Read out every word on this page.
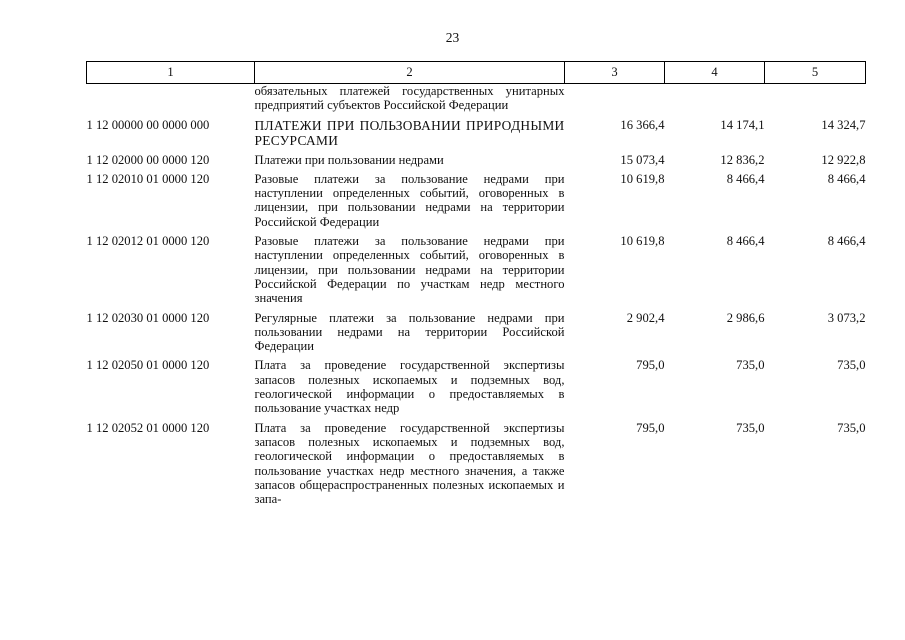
23
1	2	3	4	5
	обязательных платежей государственных унитарных предприятий субъектов Российской Федерации			
1 12 00000 00 0000 000	ПЛАТЕЖИ ПРИ ПОЛЬЗОВАНИИ ПРИРОДНЫМИ РЕСУРСАМИ	16 366,4	14 174,1	14 324,7
1 12 02000 00 0000 120	Платежи при пользовании недрами	15 073,4	12 836,2	12 922,8
1 12 02010 01 0000 120	Разовые платежи за пользование недрами при наступлении определенных событий, оговоренных в лицензии, при пользовании недрами на территории Российской Федерации	10 619,8	8 466,4	8 466,4
1 12 02012 01 0000 120	Разовые платежи за пользование недрами при наступлении определенных событий, оговоренных в лицензии, при пользовании недрами на территории Российской Федерации по участкам недр местного значения	10 619,8	8 466,4	8 466,4
1 12 02030 01 0000 120	Регулярные платежи за пользование недрами при пользовании недрами на территории Российской Федерации	2 902,4	2 986,6	3 073,2
1 12 02050 01 0000 120	Плата за проведение государственной экспертизы запасов полезных ископаемых и подземных вод, геологической информации о предоставляемых в пользование участках недр	795,0	735,0	735,0
1 12 02052 01 0000 120	Плата за проведение государственной экспертизы запасов полезных ископаемых и подземных вод, геологической информации о предоставляемых в пользование участках недр местного значения, а также запасов общераспространенных полезных ископаемых и запа-	795,0	735,0	735,0
